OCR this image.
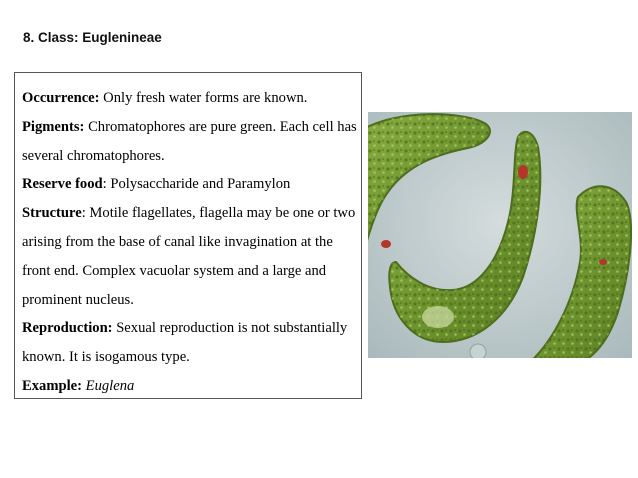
8. Class: Euglenineae

Occurrence: Only fresh water forms are known.

Pigments: Chromatophores are pure green. Each cell has several chromatophores.

Reserve food: Polysaccharide and Paramylon

Structure: Motile flagellates, flagella may be one or two arising from the base of canal like invagination at the front end. Complex vacuolar system and a large and prominent nucleus.

Reproduction: Sexual reproduction is not substantially known. It is isogamous type.

Example: Euglena
